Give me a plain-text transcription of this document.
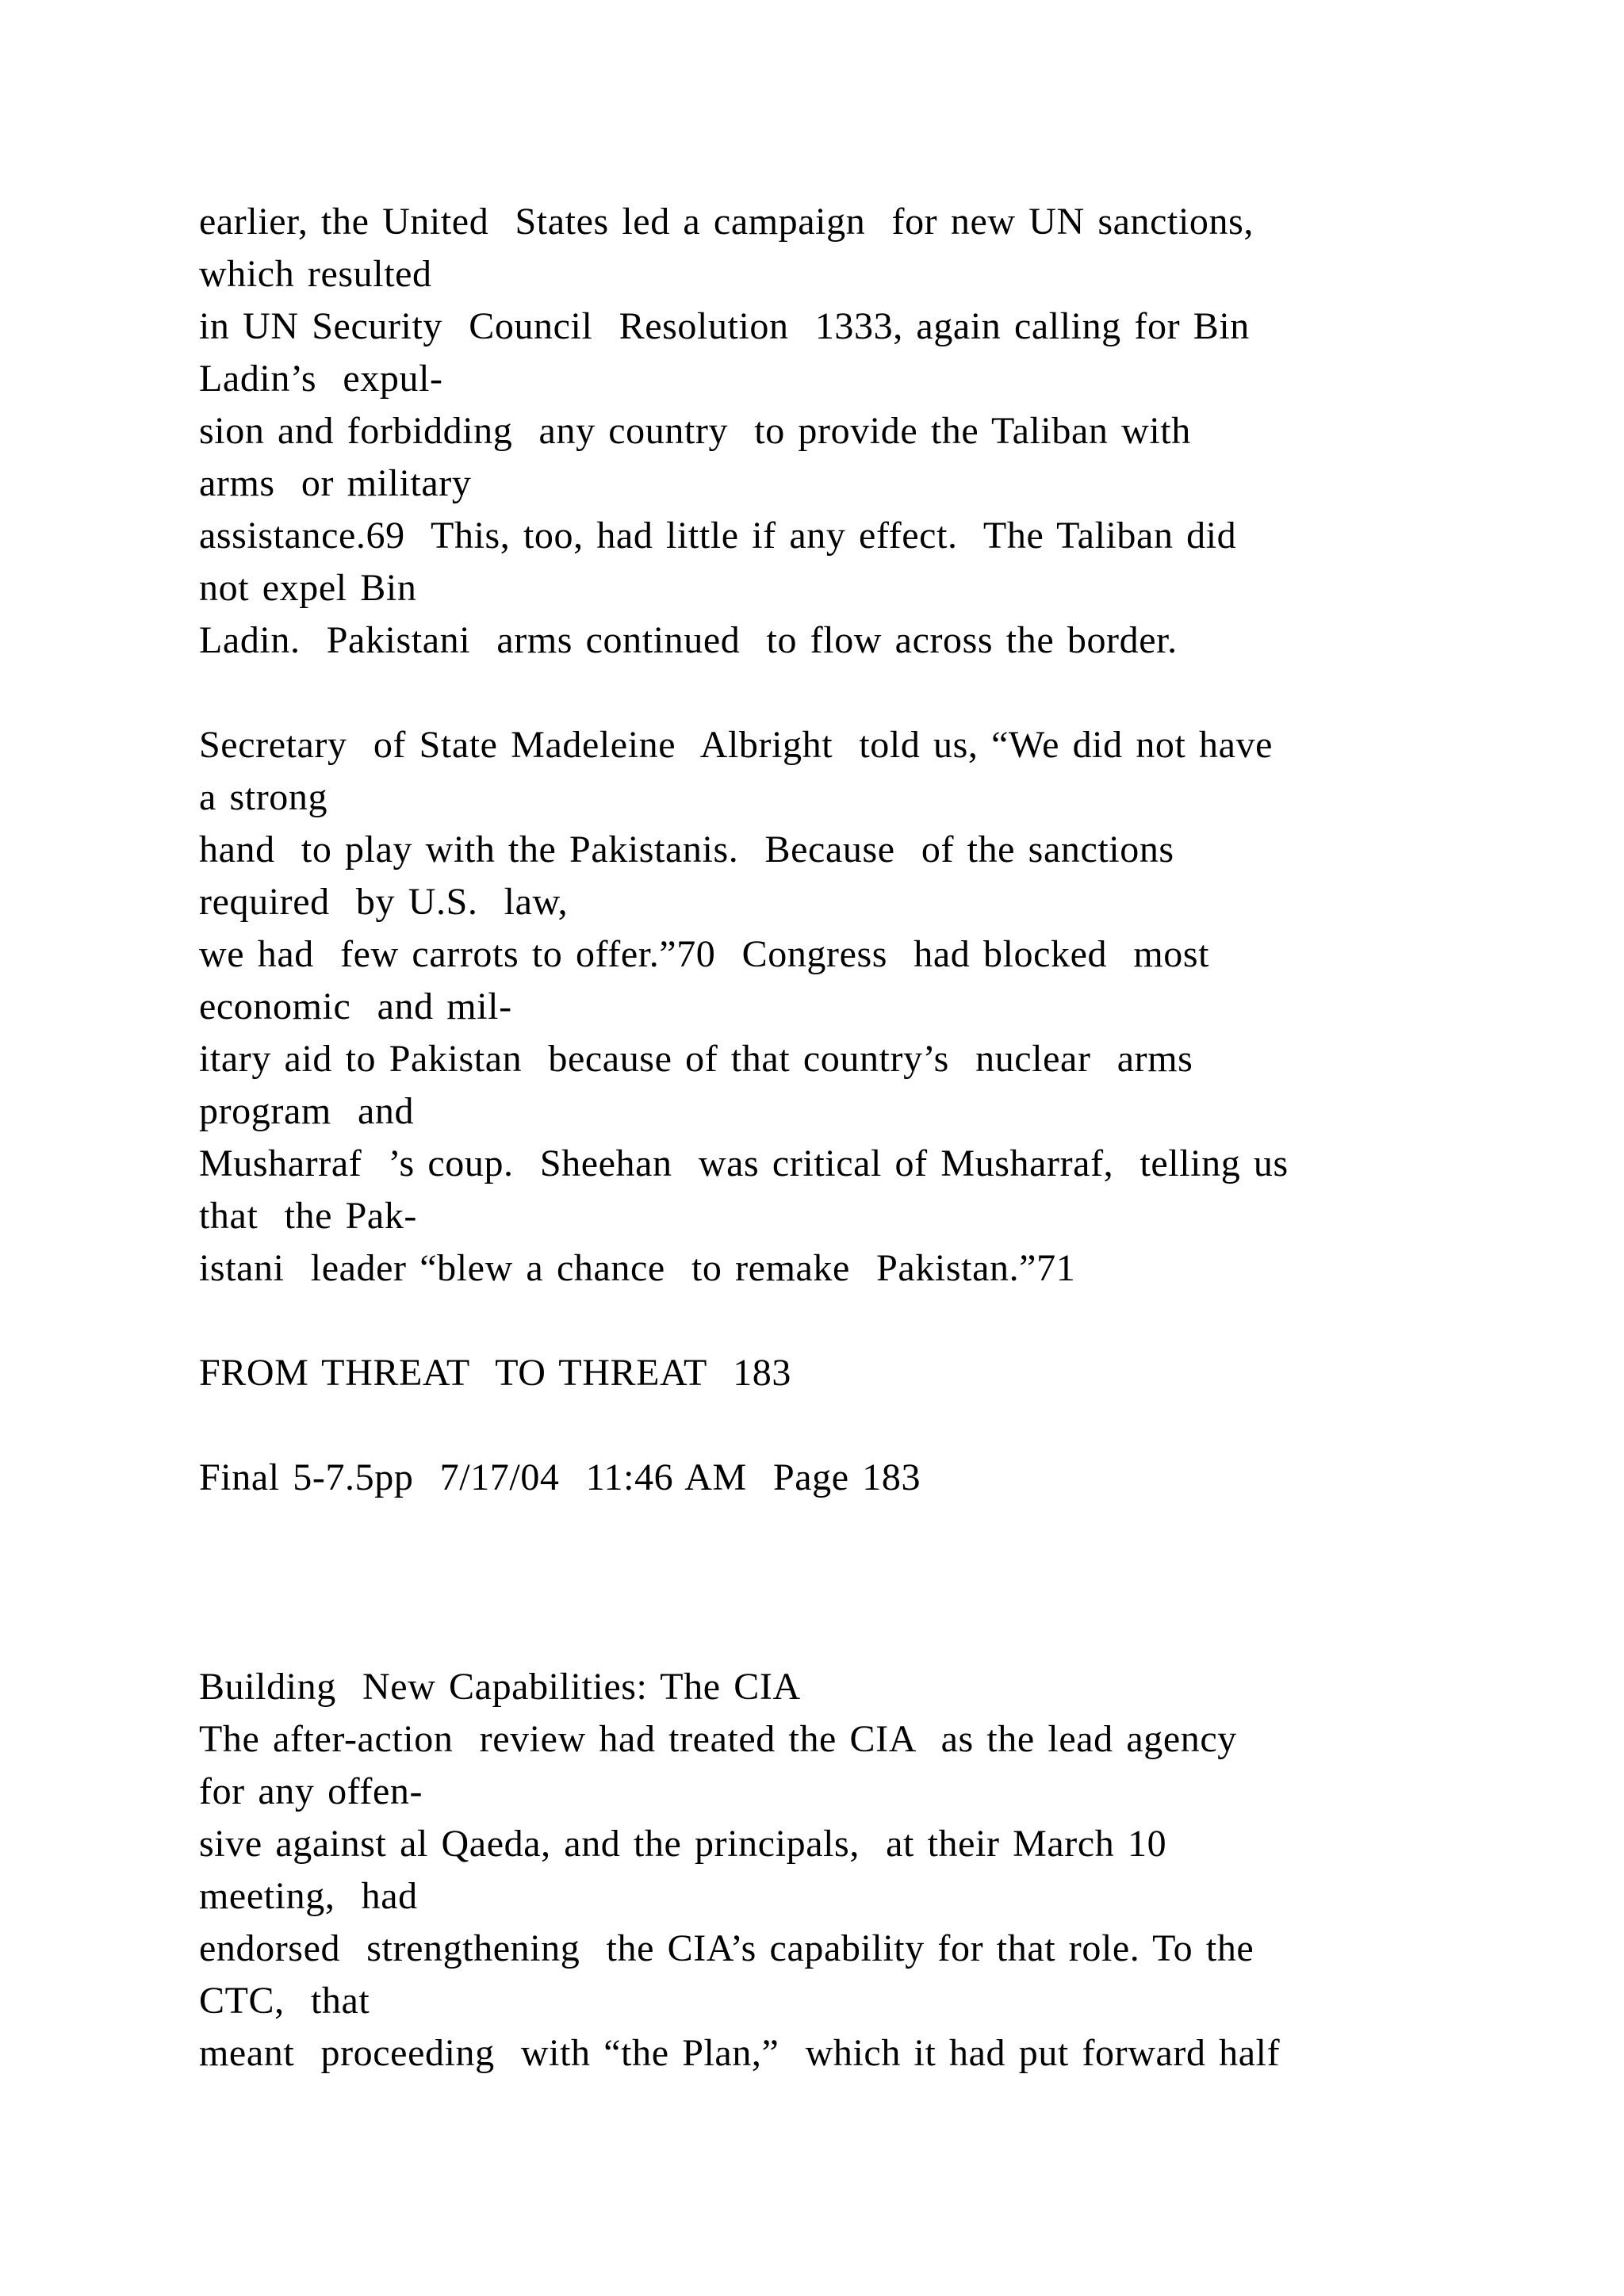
earlier, the United  States led a campaign  for new UN sanctions,
which resulted
in UN Security  Council  Resolution  1333, again calling for Bin
Ladin’s  expul-
sion and forbidding  any country  to provide the Taliban with
arms  or military
assistance.69  This, too, had little if any effect.  The Taliban did
not expel Bin
Ladin.  Pakistani  arms continued  to flow across the border.
Secretary  of State Madeleine  Albright  told us, “We did not have
a strong
hand  to play with the Pakistanis.  Because  of the sanctions
required  by U.S.  law,
we had  few carrots to offer.”70  Congress  had blocked  most
economic  and mil-
itary aid to Pakistan  because of that country’s  nuclear  arms
program  and
Musharraf  ’s coup.  Sheehan  was critical of Musharraf,  telling us
that  the Pak-
istani  leader “blew a chance  to remake  Pakistan.”71
FROM THREAT  TO THREAT  183
Final 5-7.5pp  7/17/04  11:46 AM  Page 183
Building  New Capabilities: The CIA
The after-action  review had treated the CIA  as the lead agency
for any offen-
sive against al Qaeda, and the principals,  at their March 10
meeting,  had
endorsed  strengthening  the CIA’s capability for that role. To the
CTC,  that
meant  proceeding  with “the Plan,”  which it had put forward half
